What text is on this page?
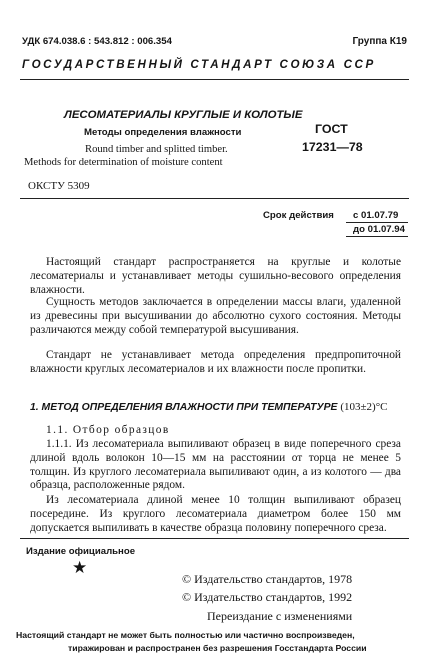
УДК 674.038.6 : 543.812 : 006.354	Группа К19
ГОСУДАРСТВЕННЫЙ СТАНДАРТ СОЮЗА ССР
ЛЕСОМАТЕРИАЛЫ КРУГЛЫЕ И КОЛОТЫЕ
Методы определения влажности
Round timber and splitted timber.
Methods for determination of moisture content
ГОСТ
17231—78
ОКСТУ 5309
Срок действия с 01.07.79
до 01.07.94
Настоящий стандарт распространяется на круглые и колотые лесоматериалы и устанавливает методы сушильно-весового определения влажности.
Сущность методов заключается в определении массы влаги, удаленной из древесины при высушивании до абсолютно сухого состояния. Методы различаются между собой температурой высушивания.
Стандарт не устанавливает метода определения предпропиточной влажности круглых лесоматериалов и их влажности после пропитки.
1. МЕТОД ОПРЕДЕЛЕНИЯ ВЛАЖНОСТИ ПРИ ТЕМПЕРАТУРЕ (103±2)°С
1.1. Отбор образцов
1.1.1. Из лесоматериала выпиливают образец в виде поперечного среза длиной вдоль волокон 10—15 мм на расстоянии от торца не менее 5 толщин. Из круглого лесоматериала выпиливают один, а из колотого — два образца, расположенные рядом.
Из лесоматериала длиной менее 10 толщин выпиливают образец посередине. Из круглого лесоматериала диаметром более 150 мм допускается выпиливать в качестве образца половину поперечного среза.
Издание официальное
★
© Издательство стандартов, 1978
© Издательство стандартов, 1992
Переиздание с изменениями
Настоящий стандарт не может быть полностью или частично воспроизведен,
тиражирован и распространен без разрешения Госстандарта России
